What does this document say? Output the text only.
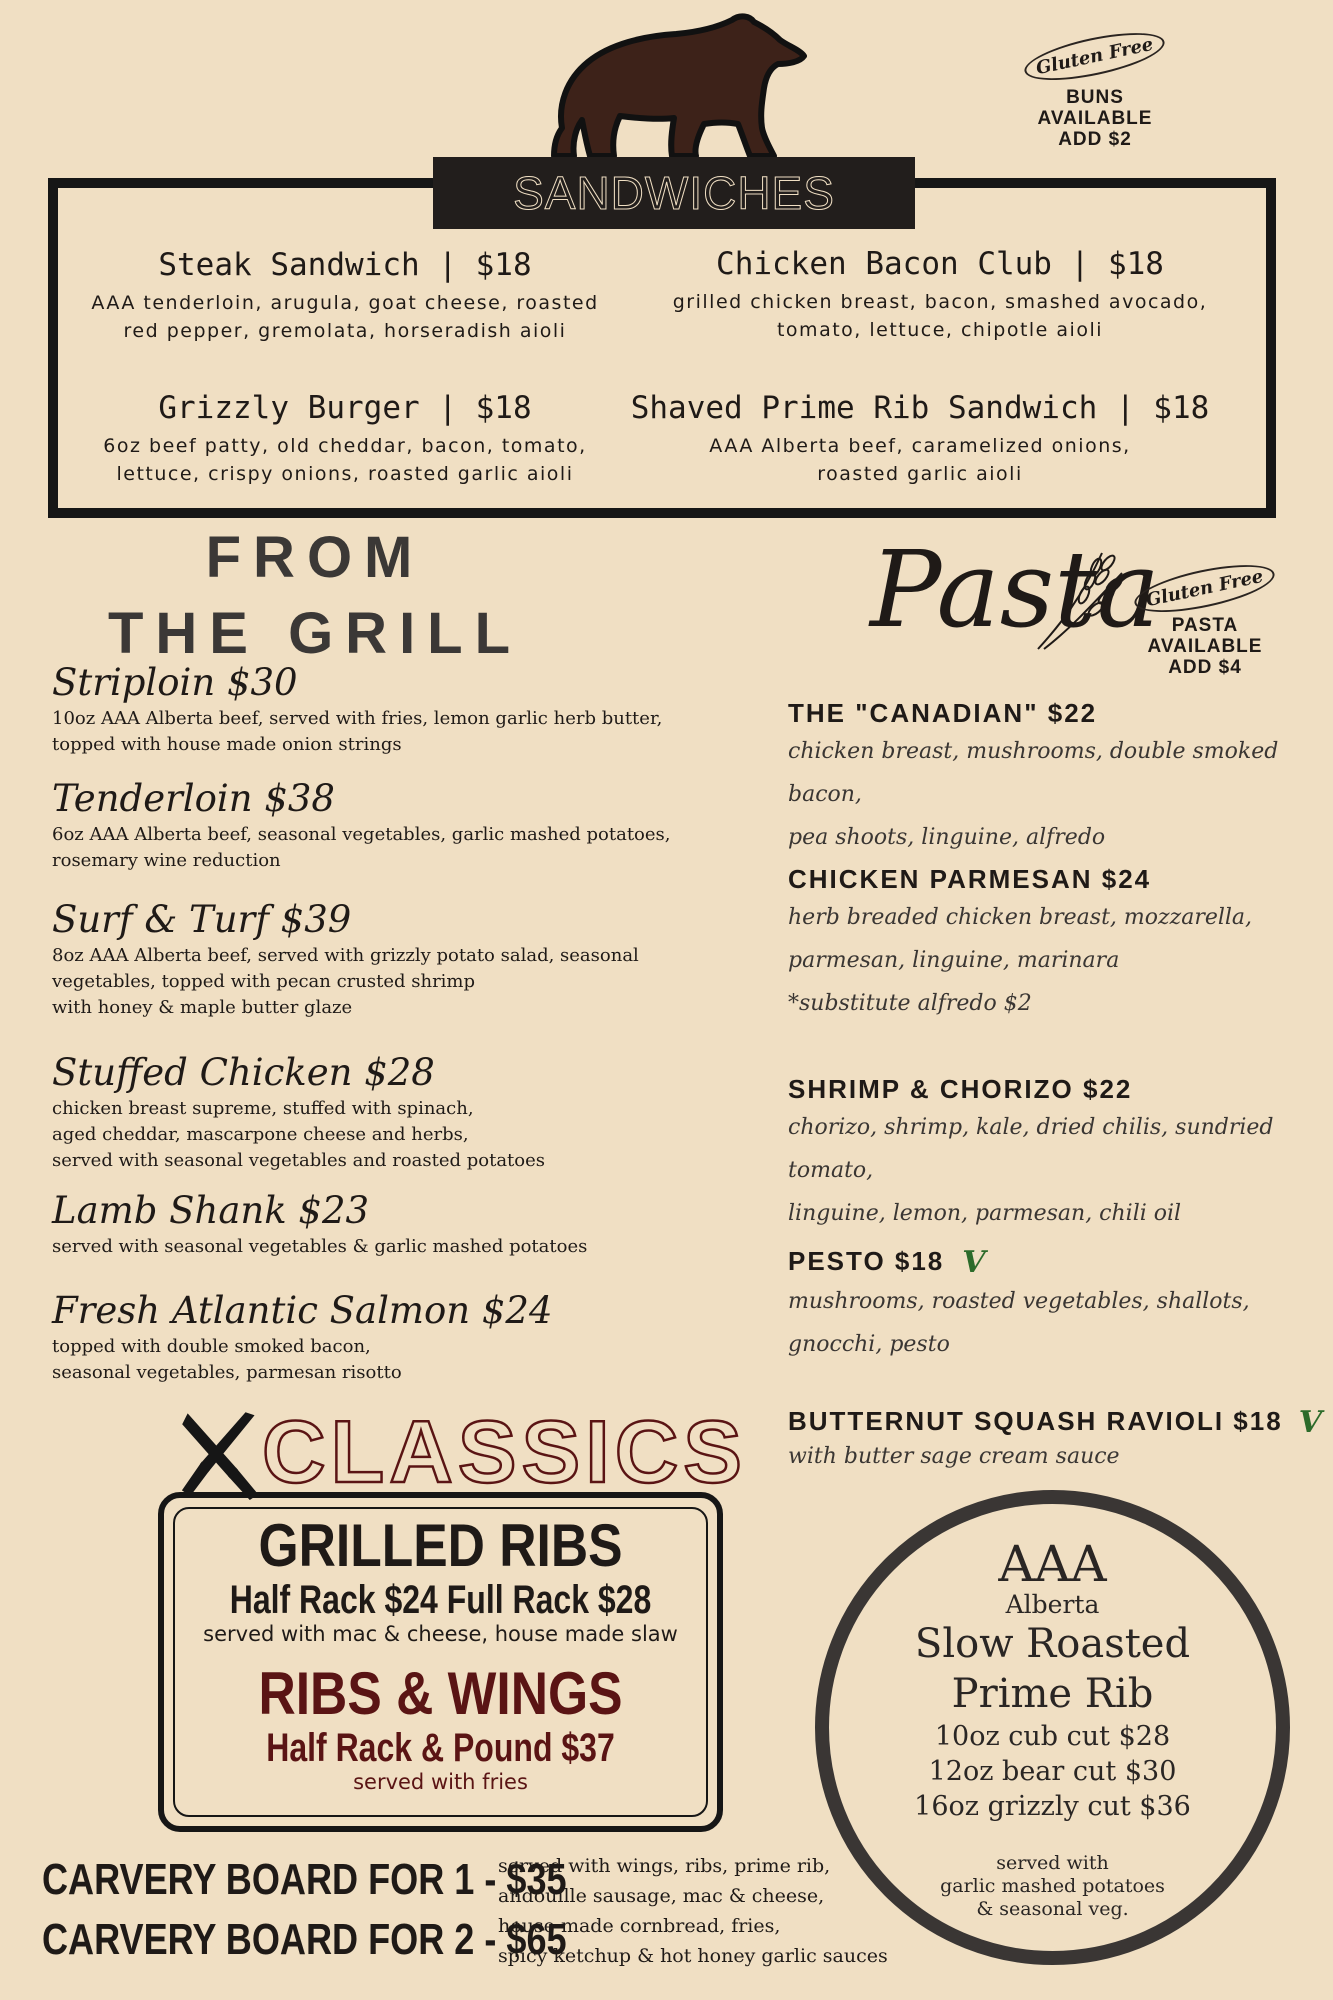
Gluten Free
BUNS AVAILABLE
ADD $2
SANDWICHES
Steak Sandwich | $18
AAA tenderloin, arugula, goat cheese, roasted
red pepper, gremolata, horseradish aioli
Chicken Bacon Club | $18
grilled chicken breast, bacon, smashed avocado,
tomato, lettuce, chipotle aioli
Grizzly Burger | $18
6oz beef patty, old cheddar, bacon, tomato,
lettuce, crispy onions, roasted garlic aioli
Shaved Prime Rib Sandwich | $18
AAA Alberta beef, caramelized onions,
roasted garlic aioli
FROM
THE GRILL
Striploin $30
10oz AAA Alberta beef, served with fries, lemon garlic herb butter,
topped with house made onion strings
Tenderloin $38
6oz AAA Alberta beef, seasonal vegetables, garlic mashed potatoes,
rosemary wine reduction
Surf & Turf $39
8oz AAA Alberta beef, served with grizzly potato salad, seasonal
vegetables, topped with pecan crusted shrimp
with honey & maple butter glaze
Stuffed Chicken $28
chicken breast supreme, stuffed with spinach,
aged cheddar, mascarpone cheese and herbs,
served with seasonal vegetables and roasted potatoes
Lamb Shank $23
served with seasonal vegetables & garlic mashed potatoes
Fresh Atlantic Salmon $24
topped with double smoked bacon,
seasonal vegetables, parmesan risotto
Pasta
Gluten Free
PASTA AVAILABLE
ADD $4
THE "CANADIAN" $22
chicken breast, mushrooms, double smoked bacon,
pea shoots, linguine, alfredo
CHICKEN PARMESAN $24
herb breaded chicken breast, mozzarella,
parmesan, linguine, marinara
*substitute alfredo $2
SHRIMP & CHORIZO $22
chorizo, shrimp, kale, dried chilis, sundried tomato,
linguine, lemon, parmesan, chili oil
PESTO $18 V
mushrooms, roasted vegetables, shallots,
gnocchi, pesto
BUTTERNUT SQUASH RAVIOLI $18 V
with butter sage cream sauce
CLASSICS
GRILLED RIBS
Half Rack $24 Full Rack $28
served with mac & cheese, house made slaw
RIBS & WINGS
Half Rack & Pound $37
served with fries
CARVERY BOARD FOR 1 - $35
CARVERY BOARD FOR 2 - $65
served with wings, ribs, prime rib,
andouille sausage, mac & cheese,
house made cornbread, fries,
spicy ketchup & hot honey garlic sauces
AAA
Alberta
Slow Roasted
Prime Rib
10oz cub cut $28
12oz bear cut $30
16oz grizzly cut $36
served with
garlic mashed potatoes
& seasonal veg.
